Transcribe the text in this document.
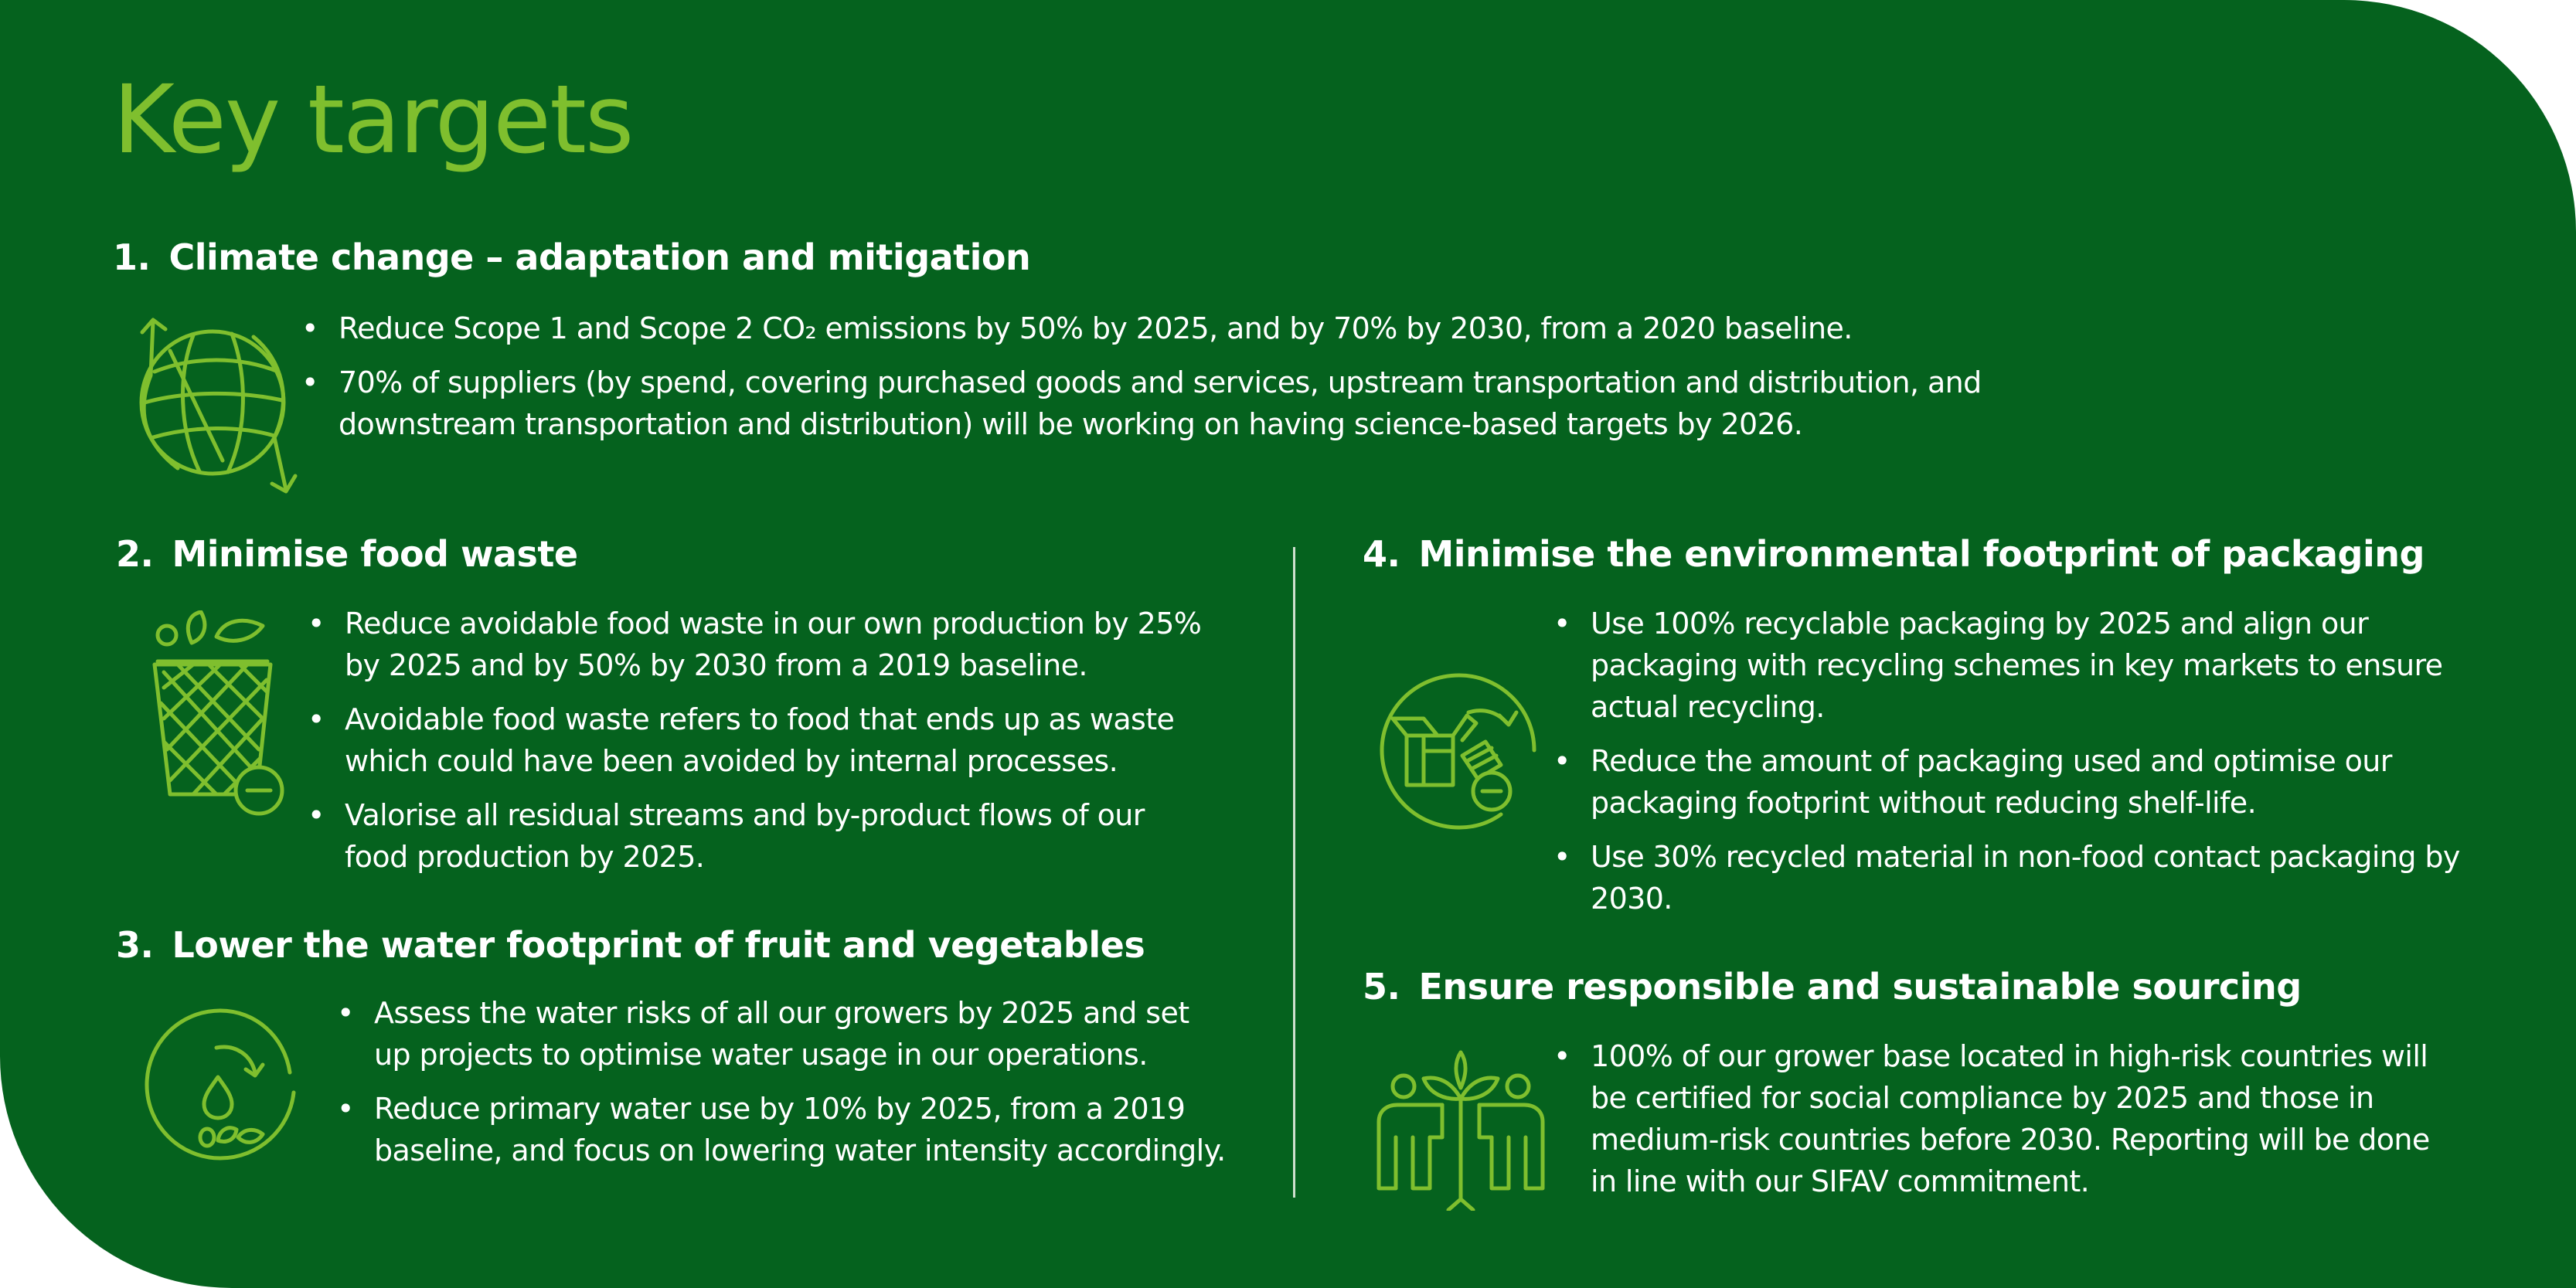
Key targets
1. Climate change – adaptation and mitigation
• Reduce Scope 1 and Scope 2 CO₂ emissions by 50% by 2025, and by 70% by 2030, from a 2020 baseline.
• 70% of suppliers (by spend, covering purchased goods and services, upstream transportation and distribution, and downstream transportation and distribution) will be working on having science-based targets by 2026.
2. Minimise food waste
• Reduce avoidable food waste in our own production by 25% by 2025 and by 50% by 2030 from a 2019 baseline.
• Avoidable food waste refers to food that ends up as waste which could have been avoided by internal processes.
• Valorise all residual streams and by-product flows of our food production by 2025.
3. Lower the water footprint of fruit and vegetables
• Assess the water risks of all our growers by 2025 and set up projects to optimise water usage in our operations.
• Reduce primary water use by 10% by 2025, from a 2019 baseline, and focus on lowering water intensity accordingly.
4. Minimise the environmental footprint of packaging
• Use 100% recyclable packaging by 2025 and align our packaging with recycling schemes in key markets to ensure actual recycling.
• Reduce the amount of packaging used and optimise our packaging footprint without reducing shelf-life.
• Use 30% recycled material in non-food contact packaging by 2030.
5. Ensure responsible and sustainable sourcing
• 100% of our grower base located in high-risk countries will be certified for social compliance by 2025 and those in medium-risk countries before 2030. Reporting will be done in line with our SIFAV commitment.
